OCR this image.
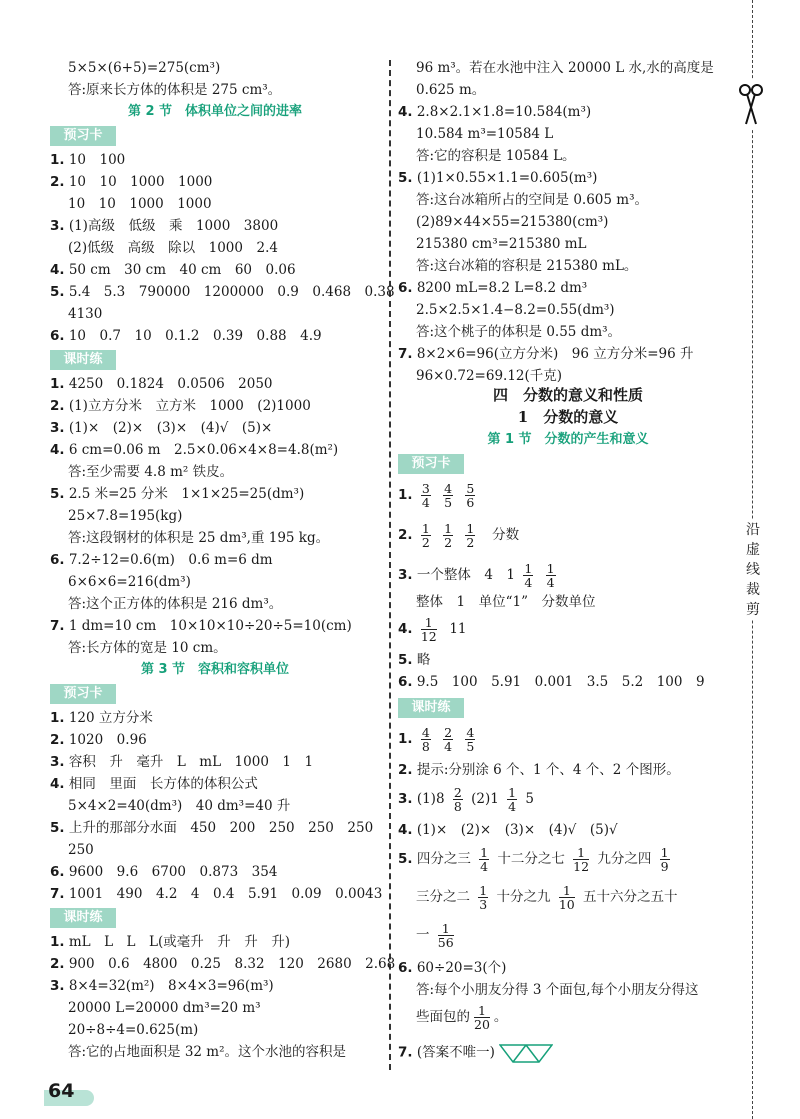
沿虚线裁剪
5×5×(6+5)=275(cm³)
答:原来长方体的体积是 275 cm³。
第 2 节　体积单位之间的进率
预习卡
1. 10　100
2. 10　10　1000　1000
10　10　1000　1000
3. (1)高级　低级　乘　1000　3800
(2)低级　高级　除以　1000　2.4
4. 50 cm　30 cm　40 cm　60　0.06
5. 5.4　5.3　790000　1200000　0.9　0.468　0.38
4130
6. 10　0.7　10　0.1.2　0.39　0.88　4.9
课时练
1. 4250　0.1824　0.0506　2050
2. (1)立方分米　立方米　1000　(2)1000
3. (1)×　(2)×　(3)×　(4)√　(5)×
4. 6 cm=0.06 m　2.5×0.06×4×8=4.8(m²)
答:至少需要 4.8 m² 铁皮。
5. 2.5 米=25 分米　1×1×25=25(dm³)
25×7.8=195(kg)
答:这段钢材的体积是 25 dm³,重 195 kg。
6. 7.2÷12=0.6(m)　0.6 m=6 dm
6×6×6=216(dm³)
答:这个正方体的体积是 216 dm³。
7. 1 dm=10 cm　10×10×10÷20÷5=10(cm)
答:长方体的宽是 10 cm。
第 3 节　容积和容积单位
预习卡
1. 120 立方分米
2. 1020　0.96
3. 容积　升　毫升　L　mL　1000　1　1
4. 相同　里面　长方体的体积公式
5×4×2=40(dm³)　40 dm³=40 升
5. 上升的那部分水面　450　200　250　250　250
250
6. 9600　9.6　6700　0.873　354
7. 1001　490　4.2　4　0.4　5.91　0.09　0.0043
课时练
1. mL　L　L　L(或毫升　升　升　升)
2. 900　0.6　4800　0.25　8.32　120　2680　2.68
3. 8×4=32(m²)　8×4×3=96(m³)
20000 L=20000 dm³=20 m³
20÷8÷4=0.625(m)
答:它的占地面积是 32 m²。这个水池的容积是
96 m³。若在水池中注入 20000 L 水,水的高度是
0.625 m。
4. 2.8×2.1×1.8=10.584(m³)
10.584 m³=10584 L
答:它的容积是 10584 L。
5. (1)1×0.55×1.1=0.605(m³)
答:这台冰箱所占的空间是 0.605 m³。
(2)89×44×55=215380(cm³)
215380 cm³=215380 mL
答:这台冰箱的容积是 215380 mL。
6. 8200 mL=8.2 L=8.2 dm³
2.5×2.5×1.4−8.2=0.55(dm³)
答:这个桃子的体积是 0.55 dm³。
7. 8×2×6=96(立方分米)　96 立方分米=96 升
96×0.72=69.12(千克)
四　分数的意义和性质
1　分数的意义
第 1 节　分数的产生和意义
预习卡
1. $\frac{3}{4}$
$\frac{4}{5}$
$\frac{5}{6}$
2. $\frac{1}{2}$
$\frac{1}{2}$
$\frac{1}{2}$ 分数
3. 一个整体　4　$1 \frac{1}{4}$
$\frac{1}{4}$
整体　1　单位“1”　分数单位
4. $\frac{1}{12} 11$
5. 略
6. 9.5　100　5.91　0.001　3.5　5.2　100　9
课时练
1. $\frac{4}{8}$
$\frac{2}{4}$
$\frac{4}{5}$
2. 提示:分别涂 6 个、1 个、4 个、2 个图形。
3. $(1)8 \frac{2}{8} (2)1 \frac{1}{4} 5$
4. (1)×　(2)×　(3)×　(4)√　(5)√
5. 四分之三 $\frac{1}{4}$ 十二分之七 $\frac{1}{12}$ 九分之四 $\frac{1}{9}$
三分之二 $\frac{1}{3}$ 十分之九 $\frac{1}{10}$ 五十六分之五十
一 $\frac{1}{56}$
6. 60÷20=3(个)
答:每个小朋友分得 3 个面包,每个小朋友分得这
些面包的 $\frac{1}{20}$ 。
7. (答案不唯一)
64
